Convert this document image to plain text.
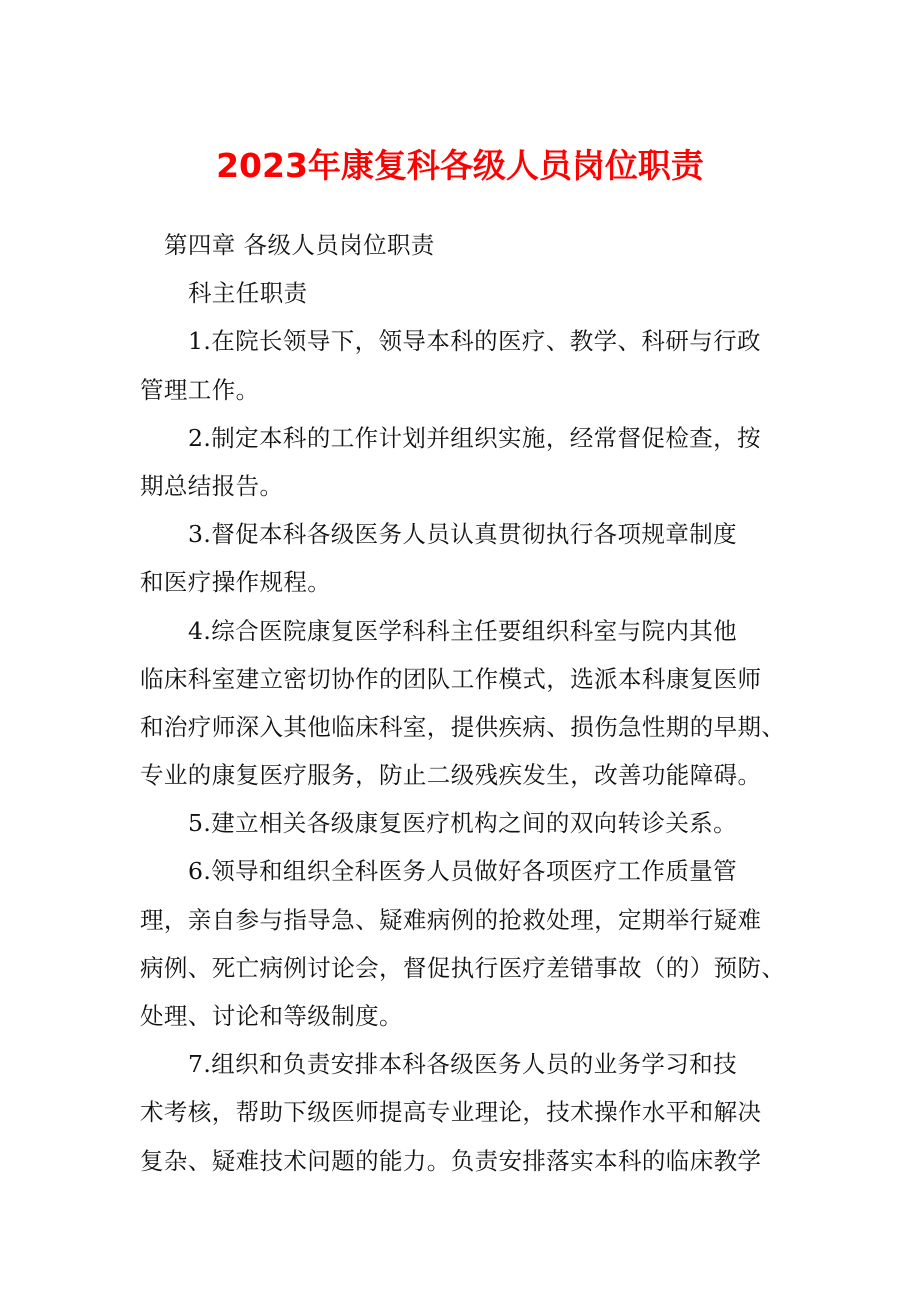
2023年康复科各级人员岗位职责
第四章 各级人员岗位职责
科主任职责
1.在院长领导下，领导本科的医疗、教学、科研与行政
管理工作。
2.制定本科的工作计划并组织实施，经常督促检查，按
期总结报告。
3.督促本科各级医务人员认真贯彻执行各项规章制度
和医疗操作规程。
4.综合医院康复医学科科主任要组织科室与院内其他
临床科室建立密切协作的团队工作模式，选派本科康复医师
和治疗师深入其他临床科室，提供疾病、损伤急性期的早期、
专业的康复医疗服务，防止二级残疾发生，改善功能障碍。
5.建立相关各级康复医疗机构之间的双向转诊关系。
6.领导和组织全科医务人员做好各项医疗工作质量管
理，亲自参与指导急、疑难病例的抢救处理，定期举行疑难
病例、死亡病例讨论会，督促执行医疗差错事故（的）预防、
处理、讨论和等级制度。
7.组织和负责安排本科各级医务人员的业务学习和技
术考核，帮助下级医师提高专业理论，技术操作水平和解决
复杂、疑难技术问题的能力。负责安排落实本科的临床教学
